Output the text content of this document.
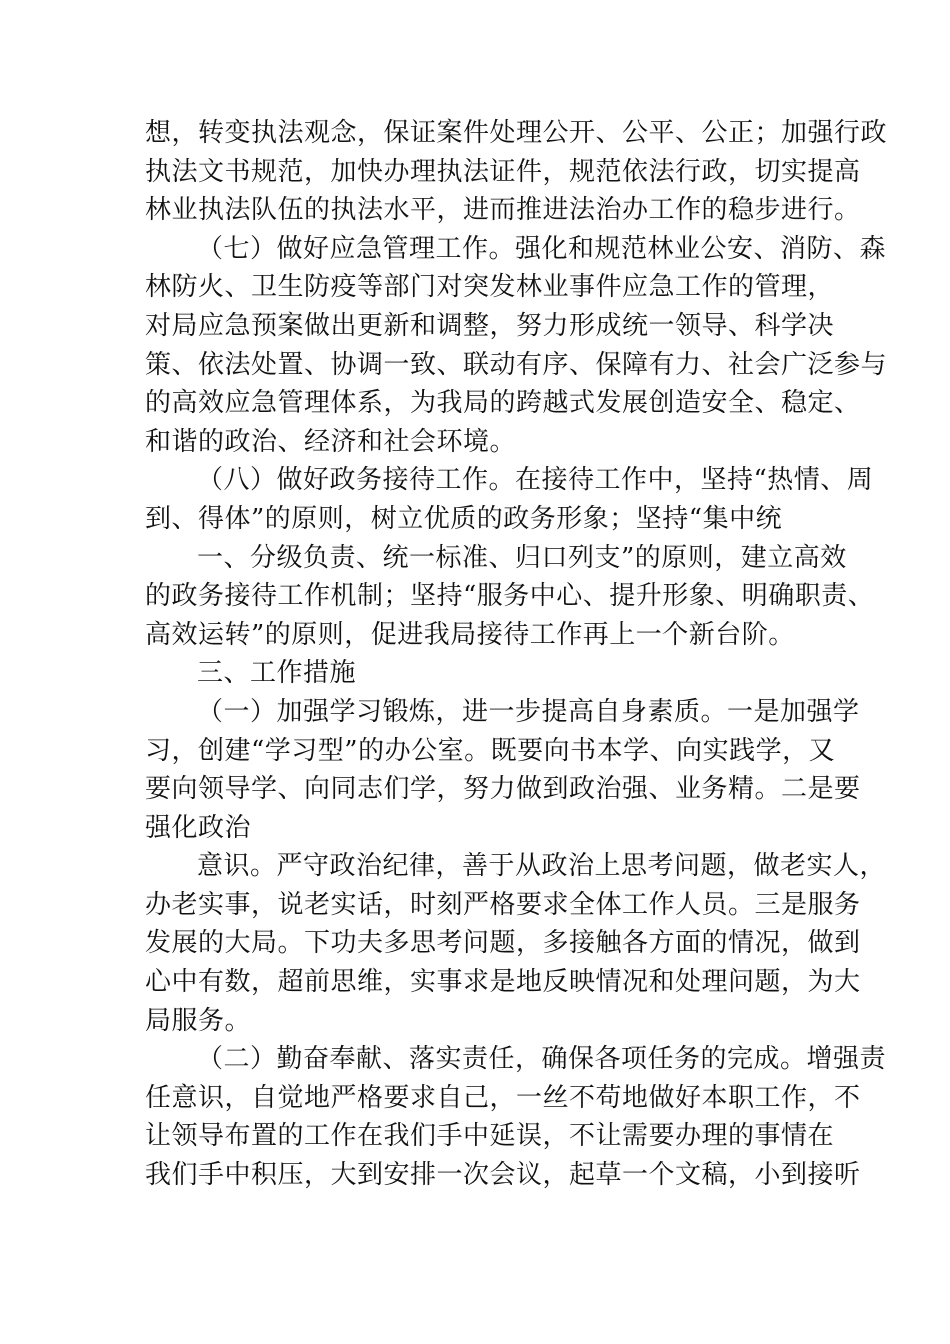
想，转变执法观念，保证案件处理公开、公平、公正；加强行政
执法文书规范，加快办理执法证件，规范依法行政，切实提高
林业执法队伍的执法水平，进而推进法治办工作的稳步进行。
（七）做好应急管理工作。强化和规范林业公安、消防、森
林防火、卫生防疫等部门对突发林业事件应急工作的管理，
对局应急预案做出更新和调整，努力形成统一领导、科学决
策、依法处置、协调一致、联动有序、保障有力、社会广泛参与
的高效应急管理体系，为我局的跨越式发展创造安全、稳定、
和谐的政治、经济和社会环境。
（八）做好政务接待工作。在接待工作中，坚持“热情、周
到、得体”的原则，树立优质的政务形象；坚持“集中统
一、分级负责、统一标准、归口列支”的原则，建立高效
的政务接待工作机制；坚持“服务中心、提升形象、明确职责、
高效运转”的原则，促进我局接待工作再上一个新台阶。
三、工作措施
（一）加强学习锻炼，进一步提高自身素质。一是加强学
习，创建“学习型”的办公室。既要向书本学、向实践学，又
要向领导学、向同志们学，努力做到政治强、业务精。二是要
强化政治
意识。严守政治纪律，善于从政治上思考问题，做老实人，
办老实事，说老实话，时刻严格要求全体工作人员。三是服务
发展的大局。下功夫多思考问题，多接触各方面的情况，做到
心中有数，超前思维，实事求是地反映情况和处理问题，为大
局服务。
（二）勤奋奉献、落实责任，确保各项任务的完成。增强责
任意识，自觉地严格要求自己，一丝不苟地做好本职工作，不
让领导布置的工作在我们手中延误，不让需要办理的事情在
我们手中积压，大到安排一次会议，起草一个文稿，小到接听
